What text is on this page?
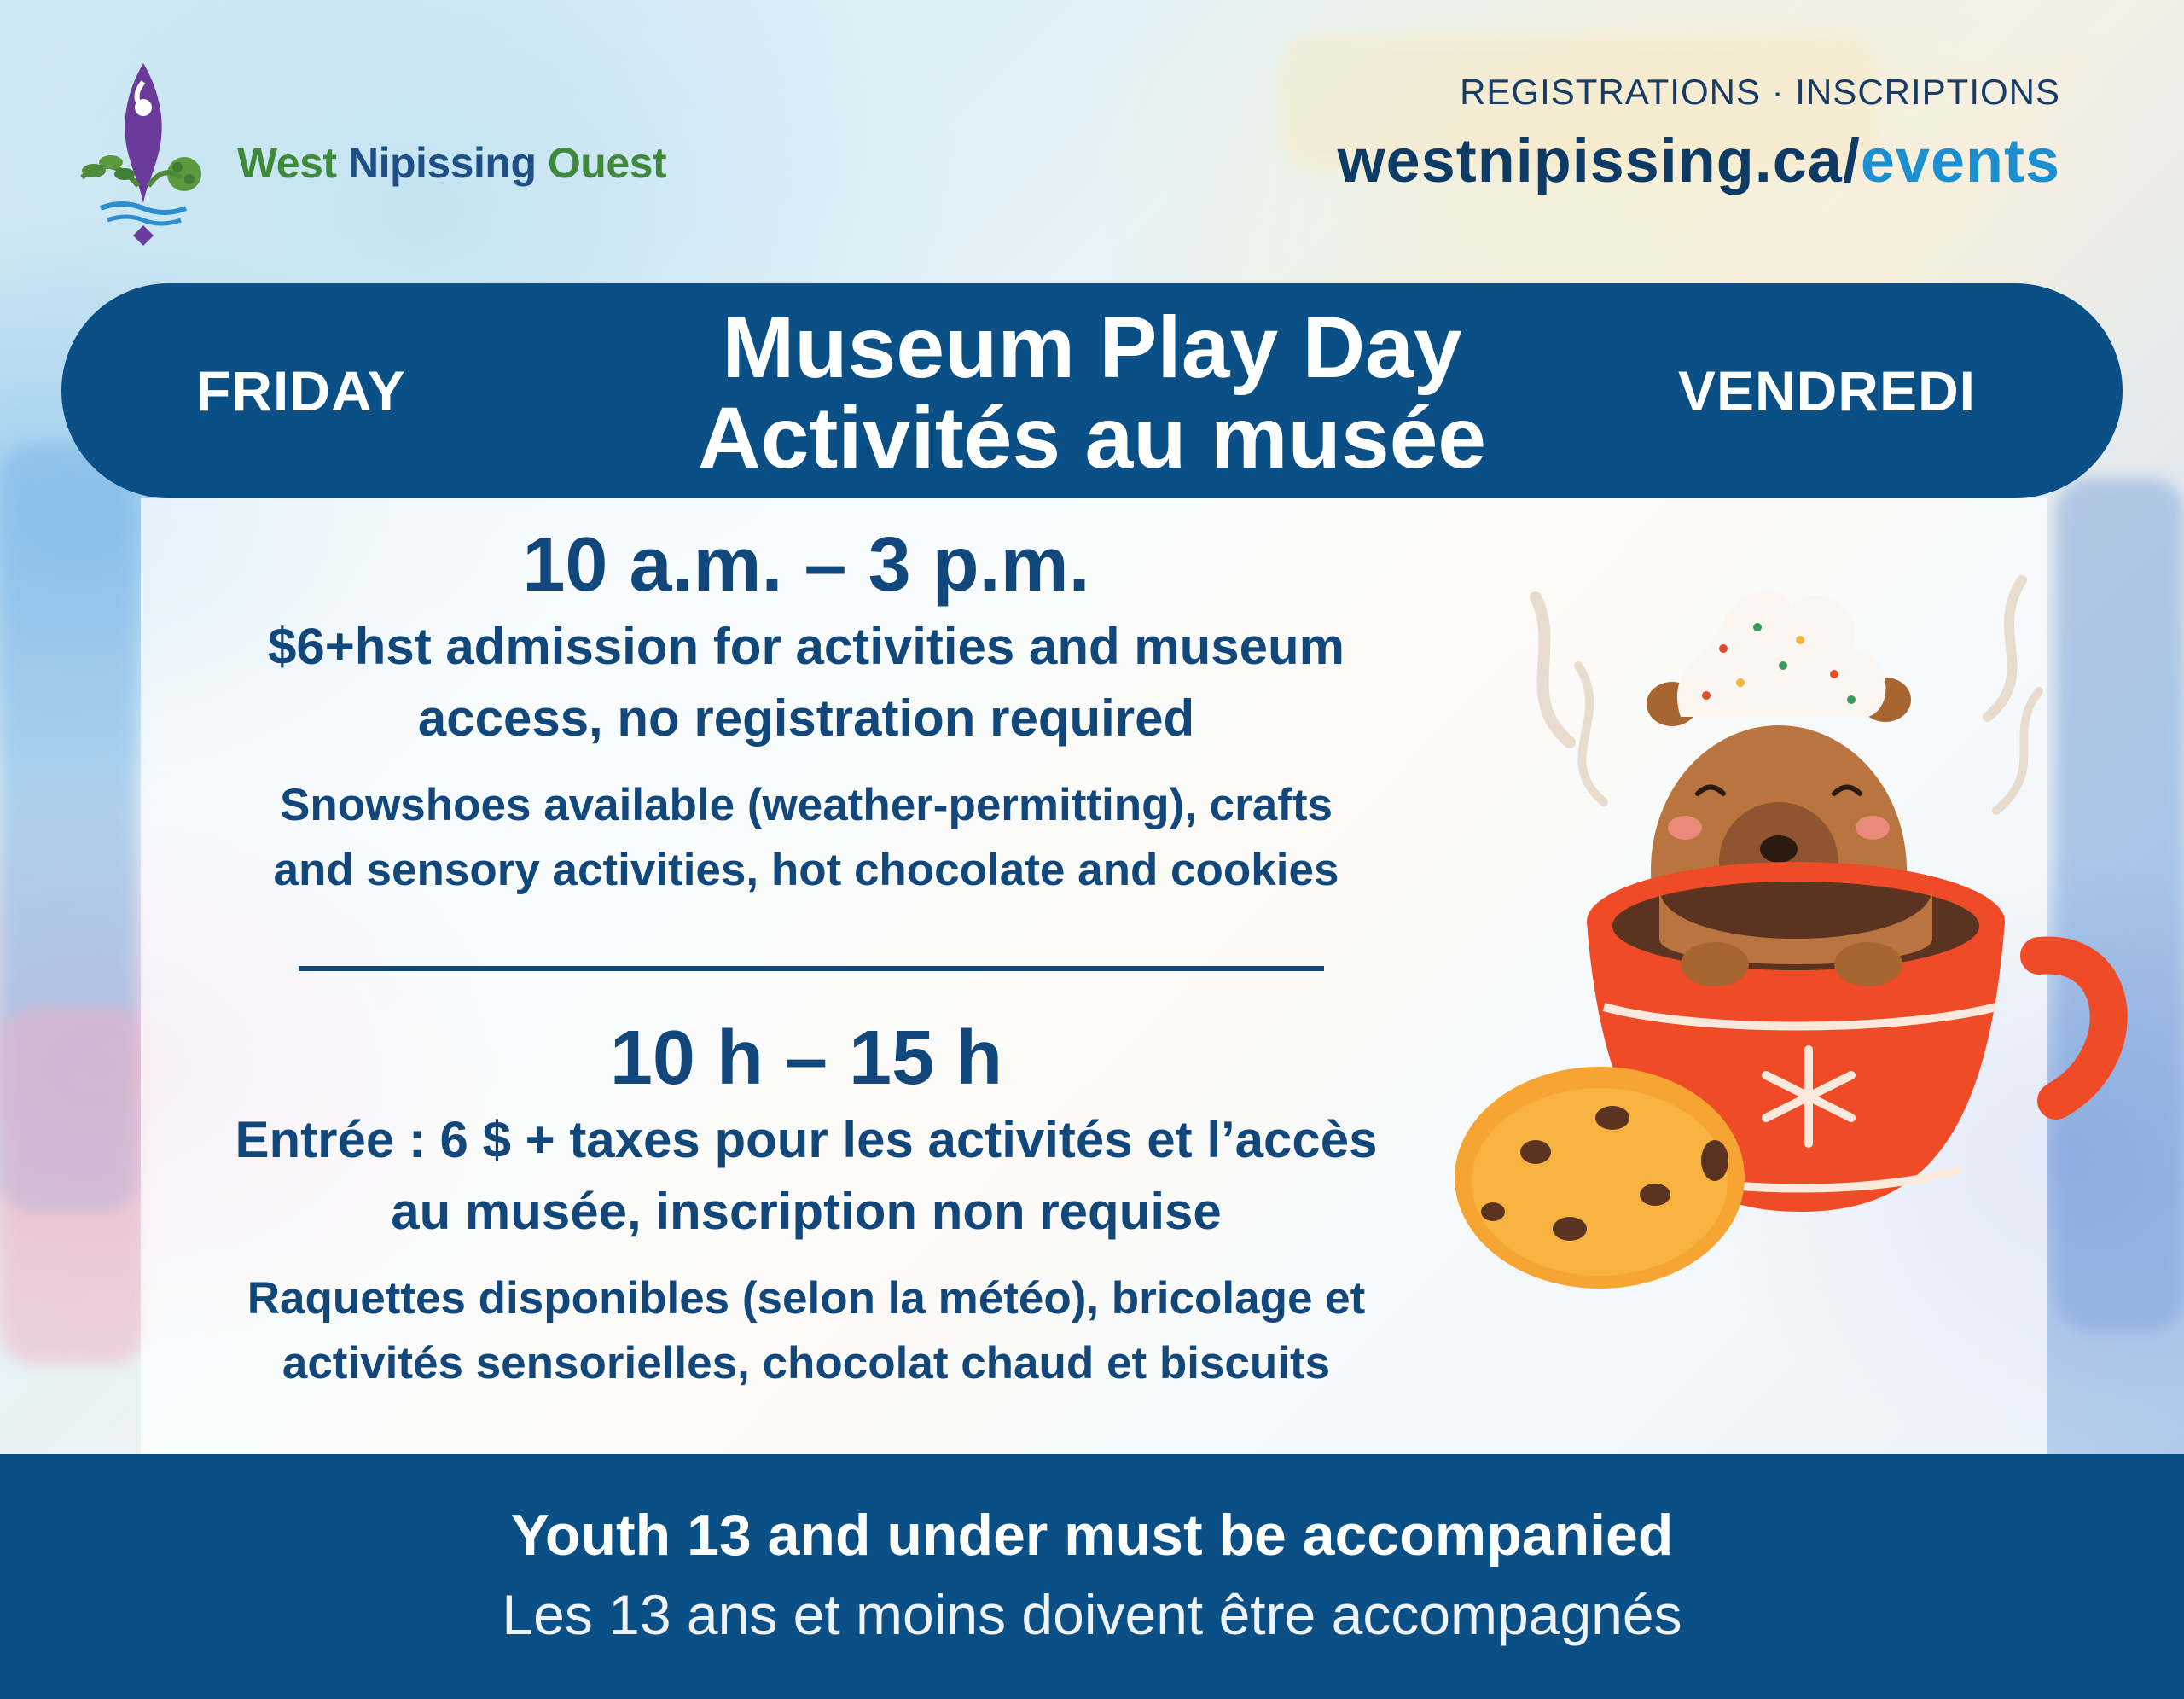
West Nipissing Ouest
REGISTRATIONS · INSCRIPTIONS
westnipissing.ca/events
FRIDAY	Museum Play Day
Activités au musée	VENDREDI
10 a.m. – 3 p.m.
$6+hst admission for activities and museum
access, no registration required
Snowshoes available (weather-permitting), crafts
and sensory activities, hot chocolate and cookies
10 h – 15 h
Entrée : 6 $ + taxes pour les activités et l’accès
au musée, inscription non requise
Raquettes disponibles (selon la météo), bricolage et
activités sensorielles, chocolat chaud et biscuits
Youth 13 and under must be accompanied
Les 13 ans et moins doivent être accompagnés
